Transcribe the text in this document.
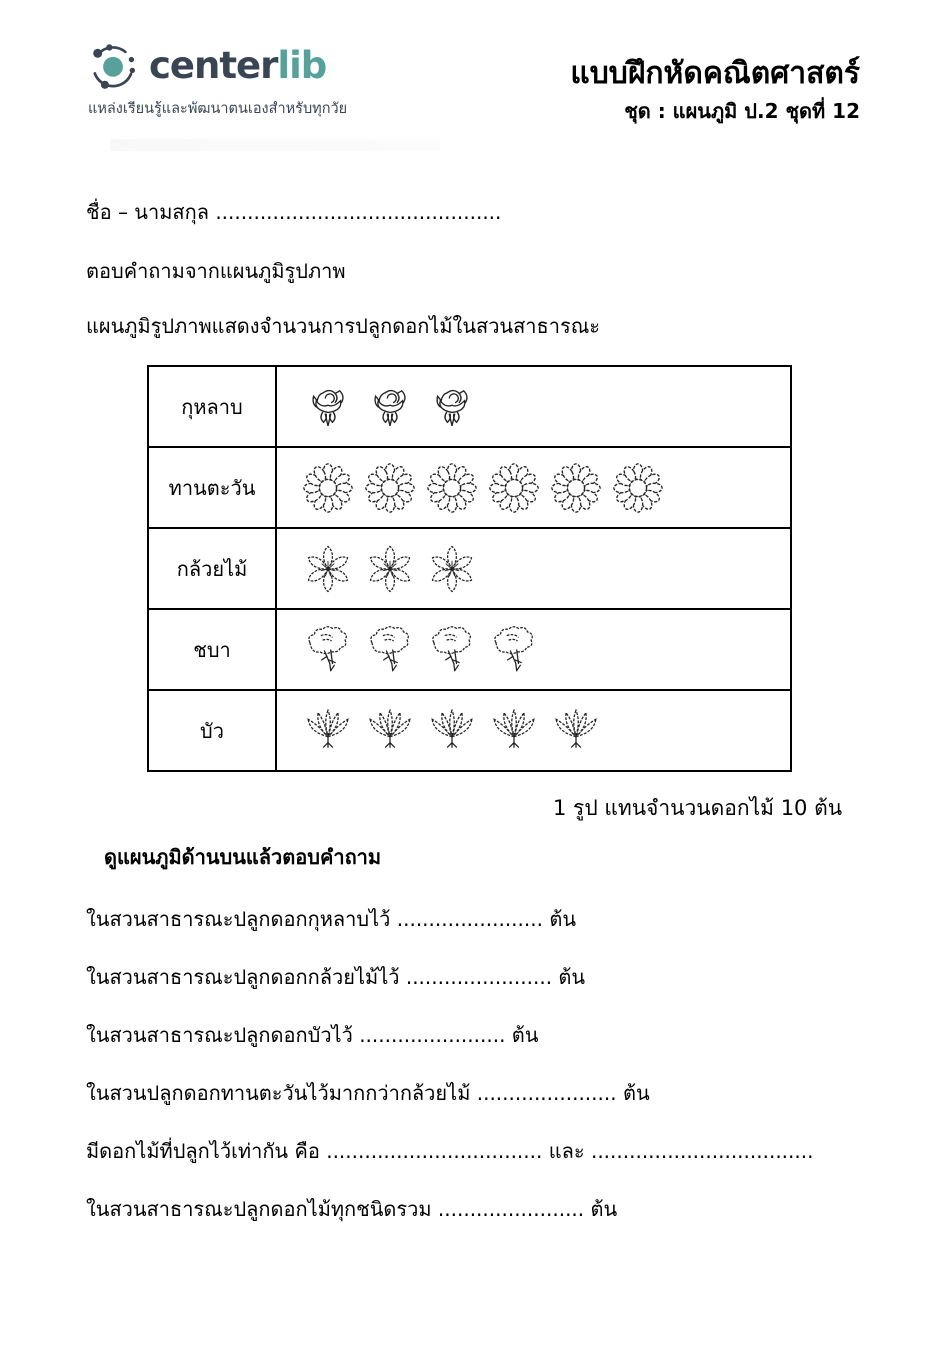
centerlib
แหล่งเรียนรู้และพัฒนาตนเองสำหรับทุกวัย
แบบฝึกหัดคณิตศาสตร์
ชุด : แผนภูมิ ป.2 ชุดที่ 12
ชื่อ – นามสกุล .............................................
ตอบคำถามจากแผนภูมิรูปภาพ
แผนภูมิรูปภาพแสดงจำนวนการปลูกดอกไม้ในสวนสาธารณะ
กุหลาบ	
ทานตะวัน	
กล้วยไม้	
ชบา	
บัว	
1 รูป แทนจำนวนดอกไม้ 10 ต้น
ดูแผนภูมิด้านบนแล้วตอบคำถาม
ในสวนสาธารณะปลูกดอกกุหลาบไว้ ....................... ต้น
ในสวนสาธารณะปลูกดอกกล้วยไม้ไว้ ....................... ต้น
ในสวนสาธารณะปลูกดอกบัวไว้ ....................... ต้น
ในสวนปลูกดอกทานตะวันไว้มากกว่ากล้วยไม้ ...................... ต้น
มีดอกไม้ที่ปลูกไว้เท่ากัน คือ .................................. และ ...................................
ในสวนสาธารณะปลูกดอกไม้ทุกชนิดรวม ....................... ต้น
